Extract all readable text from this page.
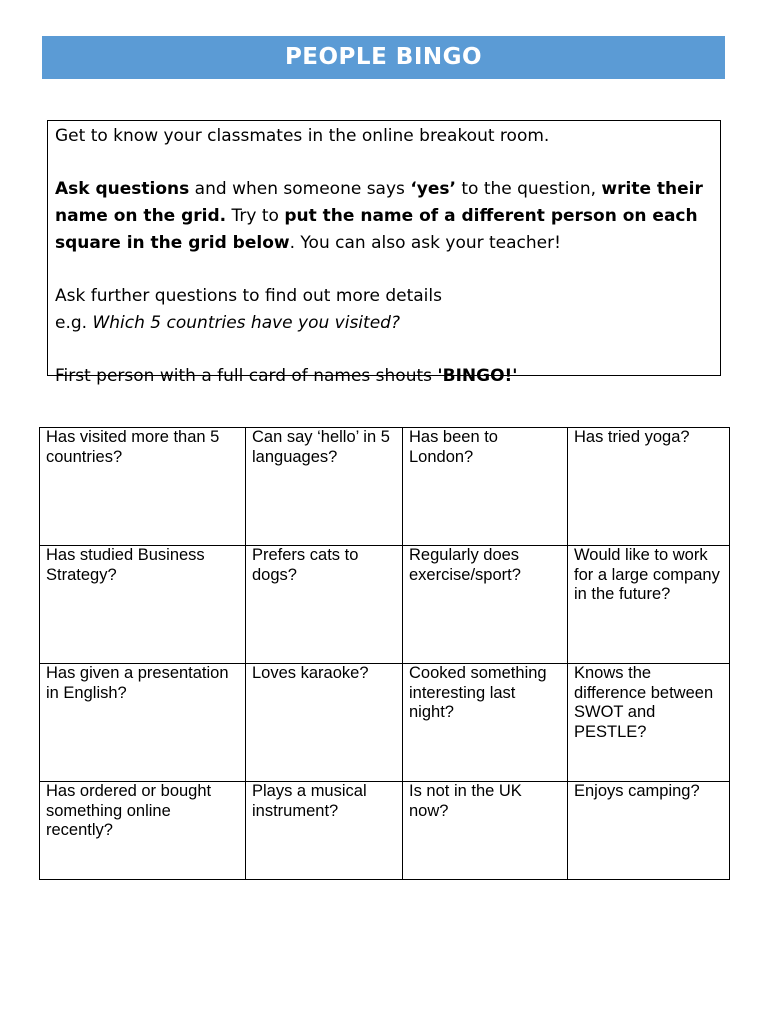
PEOPLE BINGO

Get to know your classmates in the online breakout room.

Ask questions and when someone says ‘yes’ to the question, write their name on the grid. Try to put the name of a different person on each square in the grid below. You can also ask your teacher!

Ask further questions to find out more details
e.g. Which 5 countries have you visited?

First person with a full card of names shouts 'BINGO!'

Has visited more than 5 countries?	Can say ‘hello’ in 5 languages?	Has been to London?	Has tried yoga?

Has studied Business Strategy?	Prefers cats to dogs?	Regularly does exercise/sport?	Would like to work for a large company in the future?

Has given a presentation in English?	Loves karaoke?	Cooked something interesting last night?	Knows the difference between SWOT and PESTLE?

Has ordered or bought something online recently?	Plays a musical instrument?	Is not in the UK now?	Enjoys camping?
